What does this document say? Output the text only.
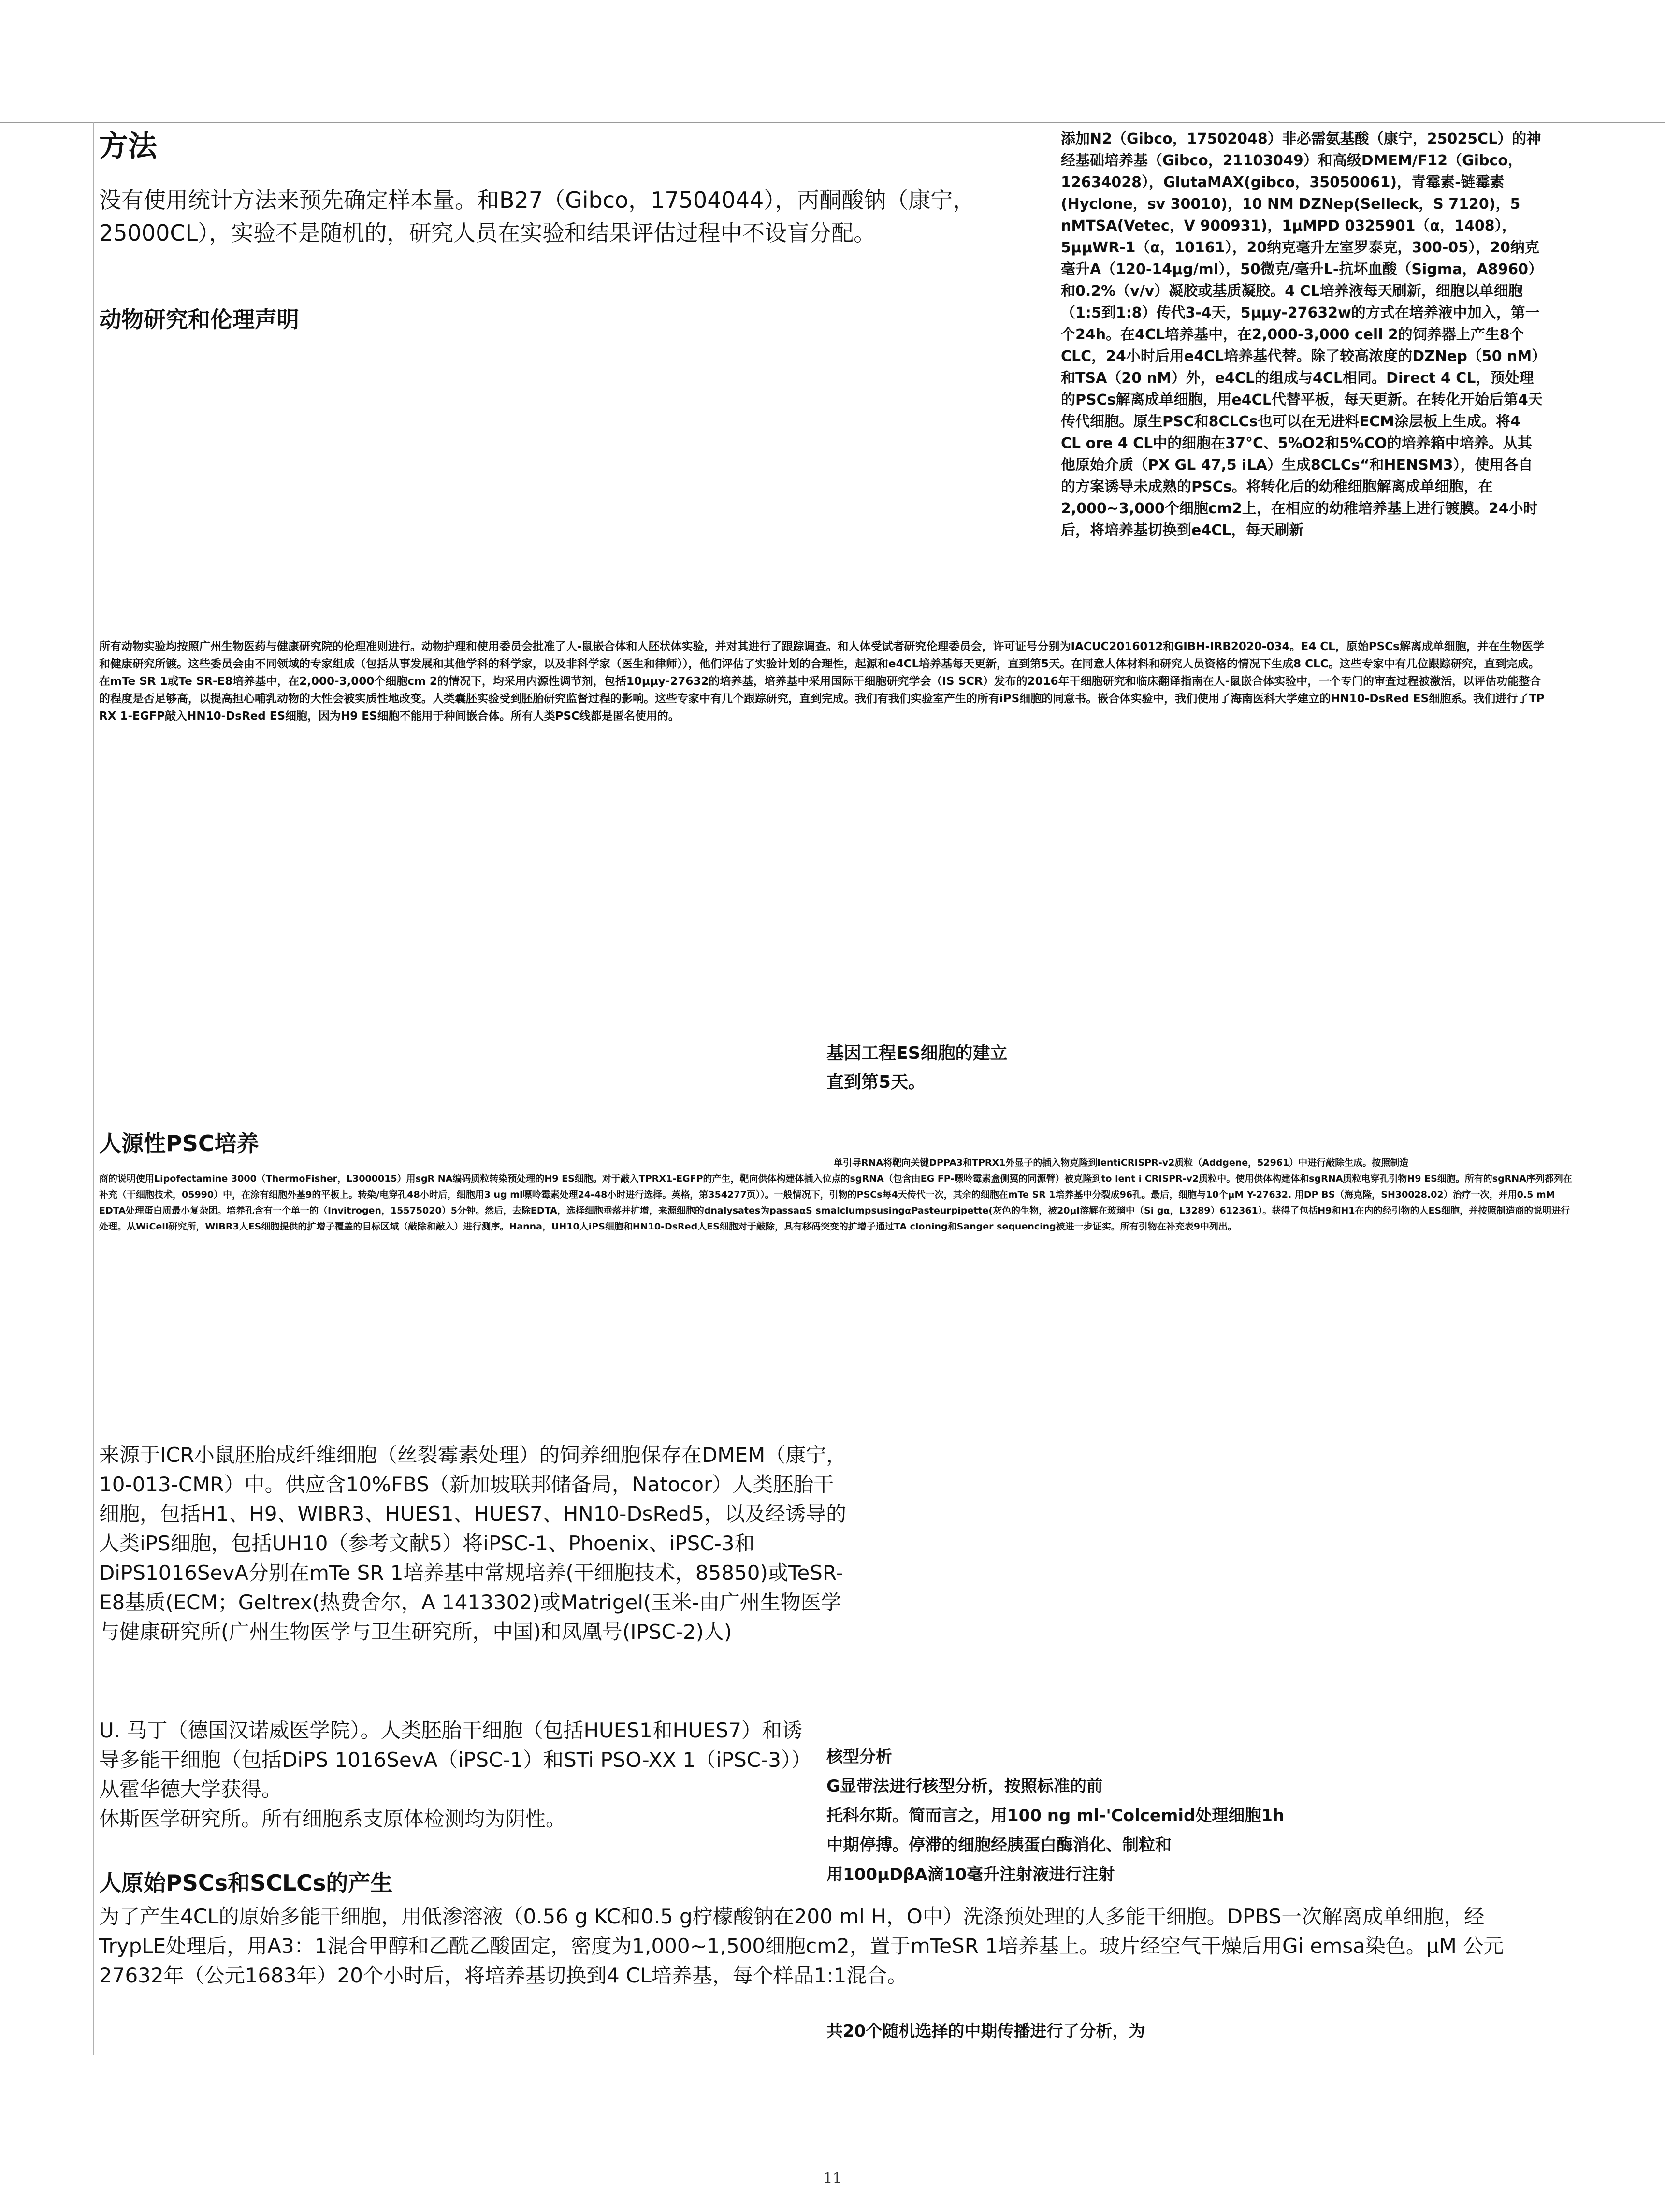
方法
没有使用统计方法来预先确定样本量。和B27（Gibco，17504044），丙酮酸钠（康宁，25000CL），实验不是随机的，研究人员在实验和结果评估过程中不设盲分配。
添加N2（Gibco，17502048）非必需氨基酸（康宁，25025CL）的神经基础培养基（Gibco，21103049）和高级DMEM/F12（Gibco，12634028），GlutaMAX(gibco，35050061)，青霉素-链霉素(Hyclone，sv 30010)，10 NM DZNep(Selleck，S 7120)，5 nMTSA(Vetec，V 900931)，1μMPD 0325901（α，1408），5μμWR-1（α，10161），20纳克毫升左室罗泰克，300-05），20纳克毫升A（120-14μg/ml），50微克/毫升L-抗坏血酸（Sigma，A8960）和0.2%（v/v）凝胶或基质凝胶。4 CL培养液每天刷新，细胞以单细胞（1:5到1:8）传代3-4天，5μμy-27632w的方式在培养液中加入，第一个24h。在4CL培养基中，在2,000-3,000 cell 2的饲养器上产生8个CLC，24小时后用e4CL培养基代替。除了较高浓度的DZNep（50 nM）和TSA（20 nM）外，e4CL的组成与4CL相同。Direct 4 CL，预处理的PSCs解离成单细胞，用e4CL代替平板，每天更新。在转化开始后第4天传代细胞。原生PSC和8CLCs也可以在无进料ECM涂层板上生成。将4 CL ore 4 CL中的细胞在37°C、5%O2和5%CO的培养箱中培养。从其他原始介质（PX GL 47,5 iLA）生成8CLCs“和HENSM3），使用各自的方案诱导未成熟的PSCs。将转化后的幼稚细胞解离成单细胞，在2,000~3,000个细胞cm2上，在相应的幼稚培养基上进行镀膜。24小时后，将培养基切换到e4CL，每天刷新
动物研究和伦理声明
所有动物实验均按照广州生物医药与健康研究院的伦理准则进行。动物护理和使用委员会批准了人-鼠嵌合体和人胚状体实验，并对其进行了跟踪调查。和人体受试者研究伦理委员会，许可证号分别为IACUC2016012和GIBH-IRB2020-034。E4 CL，原始PSCs解离成单细胞，并在生物医学和健康研究所镀。这些委员会由不同领域的专家组成（包括从事发展和其他学科的科学家，以及非科学家（医生和律师）），他们评估了实验计划的合理性，起源和e4CL培养基每天更新，直到第5天。在同意人体材料和研究人员资格的情况下生成8 CLC。这些专家中有几位跟踪研究，直到完成。在mTe SR 1或Te SR-E8培养基中，在2,000-3,000个细胞cm 2的情况下，均采用内源性调节剂，包括10μμy-27632的培养基，培养基中采用国际干细胞研究学会（IS SCR）发布的2016年干细胞研究和临床翻译指南在人-鼠嵌合体实验中，一个专门的审查过程被激活，以评估功能整合的程度是否足够高，以提高担心哺乳动物的大性会被实质性地改变。人类囊胚实验受到胚胎研究监督过程的影响。这些专家中有几个跟踪研究，直到完成。我们有我们实验室产生的所有iPS细胞的同意书。嵌合体实验中，我们使用了海南医科大学建立的HN10-DsRed ES细胞系。我们进行了TP RX 1-EGFP敲入HN10-DsRed ES细胞，因为H9 ES细胞不能用于种间嵌合体。所有人类PSC线都是匿名使用的。
基因工程ES细胞的建立
直到第5天。
人源性PSC培养
单引导RNA将靶向关键DPPA3和TPRX1外显子的插入物克隆到lentiCRISPR-v2质粒（Addgene，52961）中进行敲除生成。按照制造
商的说明使用Lipofectamine 3000（ThermoFisher，L3000015）用sgR NA编码质粒转染预处理的H9 ES细胞。对于敲入TPRX1-EGFP的产生，靶向供体构建体插入位点的sgRNA（包含由EG FP-嘌呤霉素盒侧翼的同源臂）被克隆到to lent i CRISPR-v2质粒中。使用供体构建体和sgRNA质粒电穿孔引物H9 ES细胞。所有的sgRNA序列都列在补充（干细胞技术，05990）中，在涂有细胞外基9的平板上。转染/电穿孔48小时后，细胞用3 ug ml嘌呤霉素处理24-48小时进行选择。英格，第354277页））。一般情况下，引物的PSCs每4天传代一次，其余的细胞在mTe SR 1培养基中分裂成96孔。最后，细胞与10个μM Y-27632. 用DP BS（海克隆，SH30028.02）治疗一次，并用0.5 mM EDTA处理蛋白质最小复杂团。培养孔含有一个单一的（Invitrogen，15575020）5分钟。然后，去除EDTA，选择细胞垂落并扩增，来源细胞的dnalysates为passaαS smalclumpsusingαPasteurpipette(灰色的生物，被20μl溶解在玻璃中（Si gα，L3289）612361）。获得了包括H9和H1在内的经引物的人ES细胞，并按照制造商的说明进行处理。从WiCell研究所，WIBR3人ES细胞提供的扩增子覆盖的目标区域（敲除和敲入）进行测序。Hanna，UH10人iPS细胞和HN10-DsRed人ES细胞对于敲除，具有移码突变的扩增子通过TA cloning和Sanger sequencing被进一步证实。所有引物在补充表9中列出。
来源于ICR小鼠胚胎成纤维细胞（丝裂霉素处理）的饲养细胞保存在DMEM（康宁，10-013-CMR）中。供应含10%FBS（新加坡联邦储备局，Natocor）人类胚胎干细胞，包括H1、H9、WIBR3、HUES1、HUES7、HN10-DsRed5，以及经诱导的人类iPS细胞，包括UH10（参考文献5）将iPSC-1、Phoenix、iPSC-3和DiPS1016SevA分别在mTe SR 1培养基中常规培养(干细胞技术，85850)或TeSR-E8基质(ECM；Geltrex(热费舍尔，A 1413302)或Matrigel(玉米-由广州生物医学与健康研究所(广州生物医学与卫生研究所，中国)和凤凰号(IPSC-2)人)
U. 马丁（德国汉诺威医学院）。人类胚胎干细胞（包括HUES1和HUES7）和诱导多能干细胞（包括DiPS 1016SevA（iPSC-1）和STi PSO-XX 1（iPSC-3））从霍华德大学获得。
休斯医学研究所。所有细胞系支原体检测均为阴性。
核型分析
G显带法进行核型分析，按照标准的前
托科尔斯。简而言之，用100 ng ml-'Colcemid处理细胞1h
中期停搏。停滞的细胞经胰蛋白酶消化、制粒和
用100μDβA滴10毫升注射液进行注射
人原始PSCs和SCLCs的产生
为了产生4CL的原始多能干细胞，用低渗溶液（0.56 g KC和0.5 g柠檬酸钠在200 ml H，O中）洗涤预处理的人多能干细胞。DPBS一次解离成单细胞，经TrypLE处理后，用A3：1混合甲醇和乙酰乙酸固定，密度为1,000~1,500细胞cm2，置于mTeSR 1培养基上。玻片经空气干燥后用Gi emsa染色。μM 公元27632年（公元1683年）20个小时后，将培养基切换到4 CL培养基，每个样品1:1混合。
共20个随机选择的中期传播进行了分析，为
11
